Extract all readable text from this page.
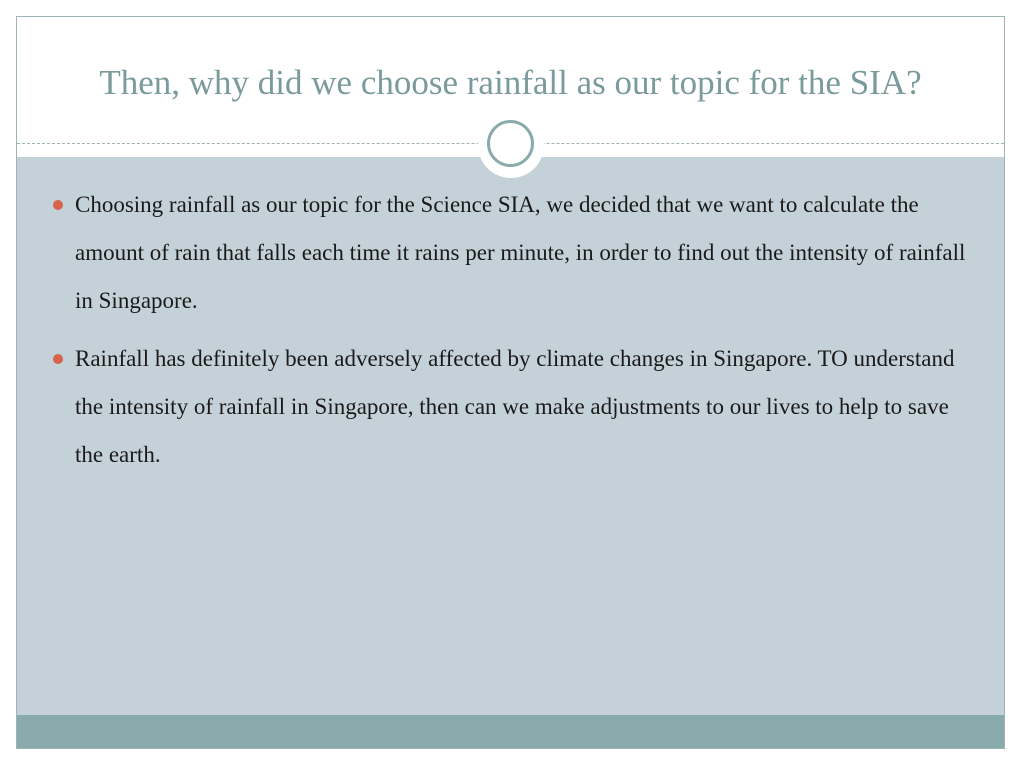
Then, why did we choose rainfall as our topic for the SIA?
Choosing rainfall as our topic for the Science SIA, we decided that we want to calculate the amount of rain that falls each time it rains per minute, in order to find out the intensity of rainfall in Singapore.
Rainfall has definitely been adversely affected by climate changes in Singapore. TO understand the intensity of rainfall in Singapore, then can we make adjustments to our lives to help to save the earth.
